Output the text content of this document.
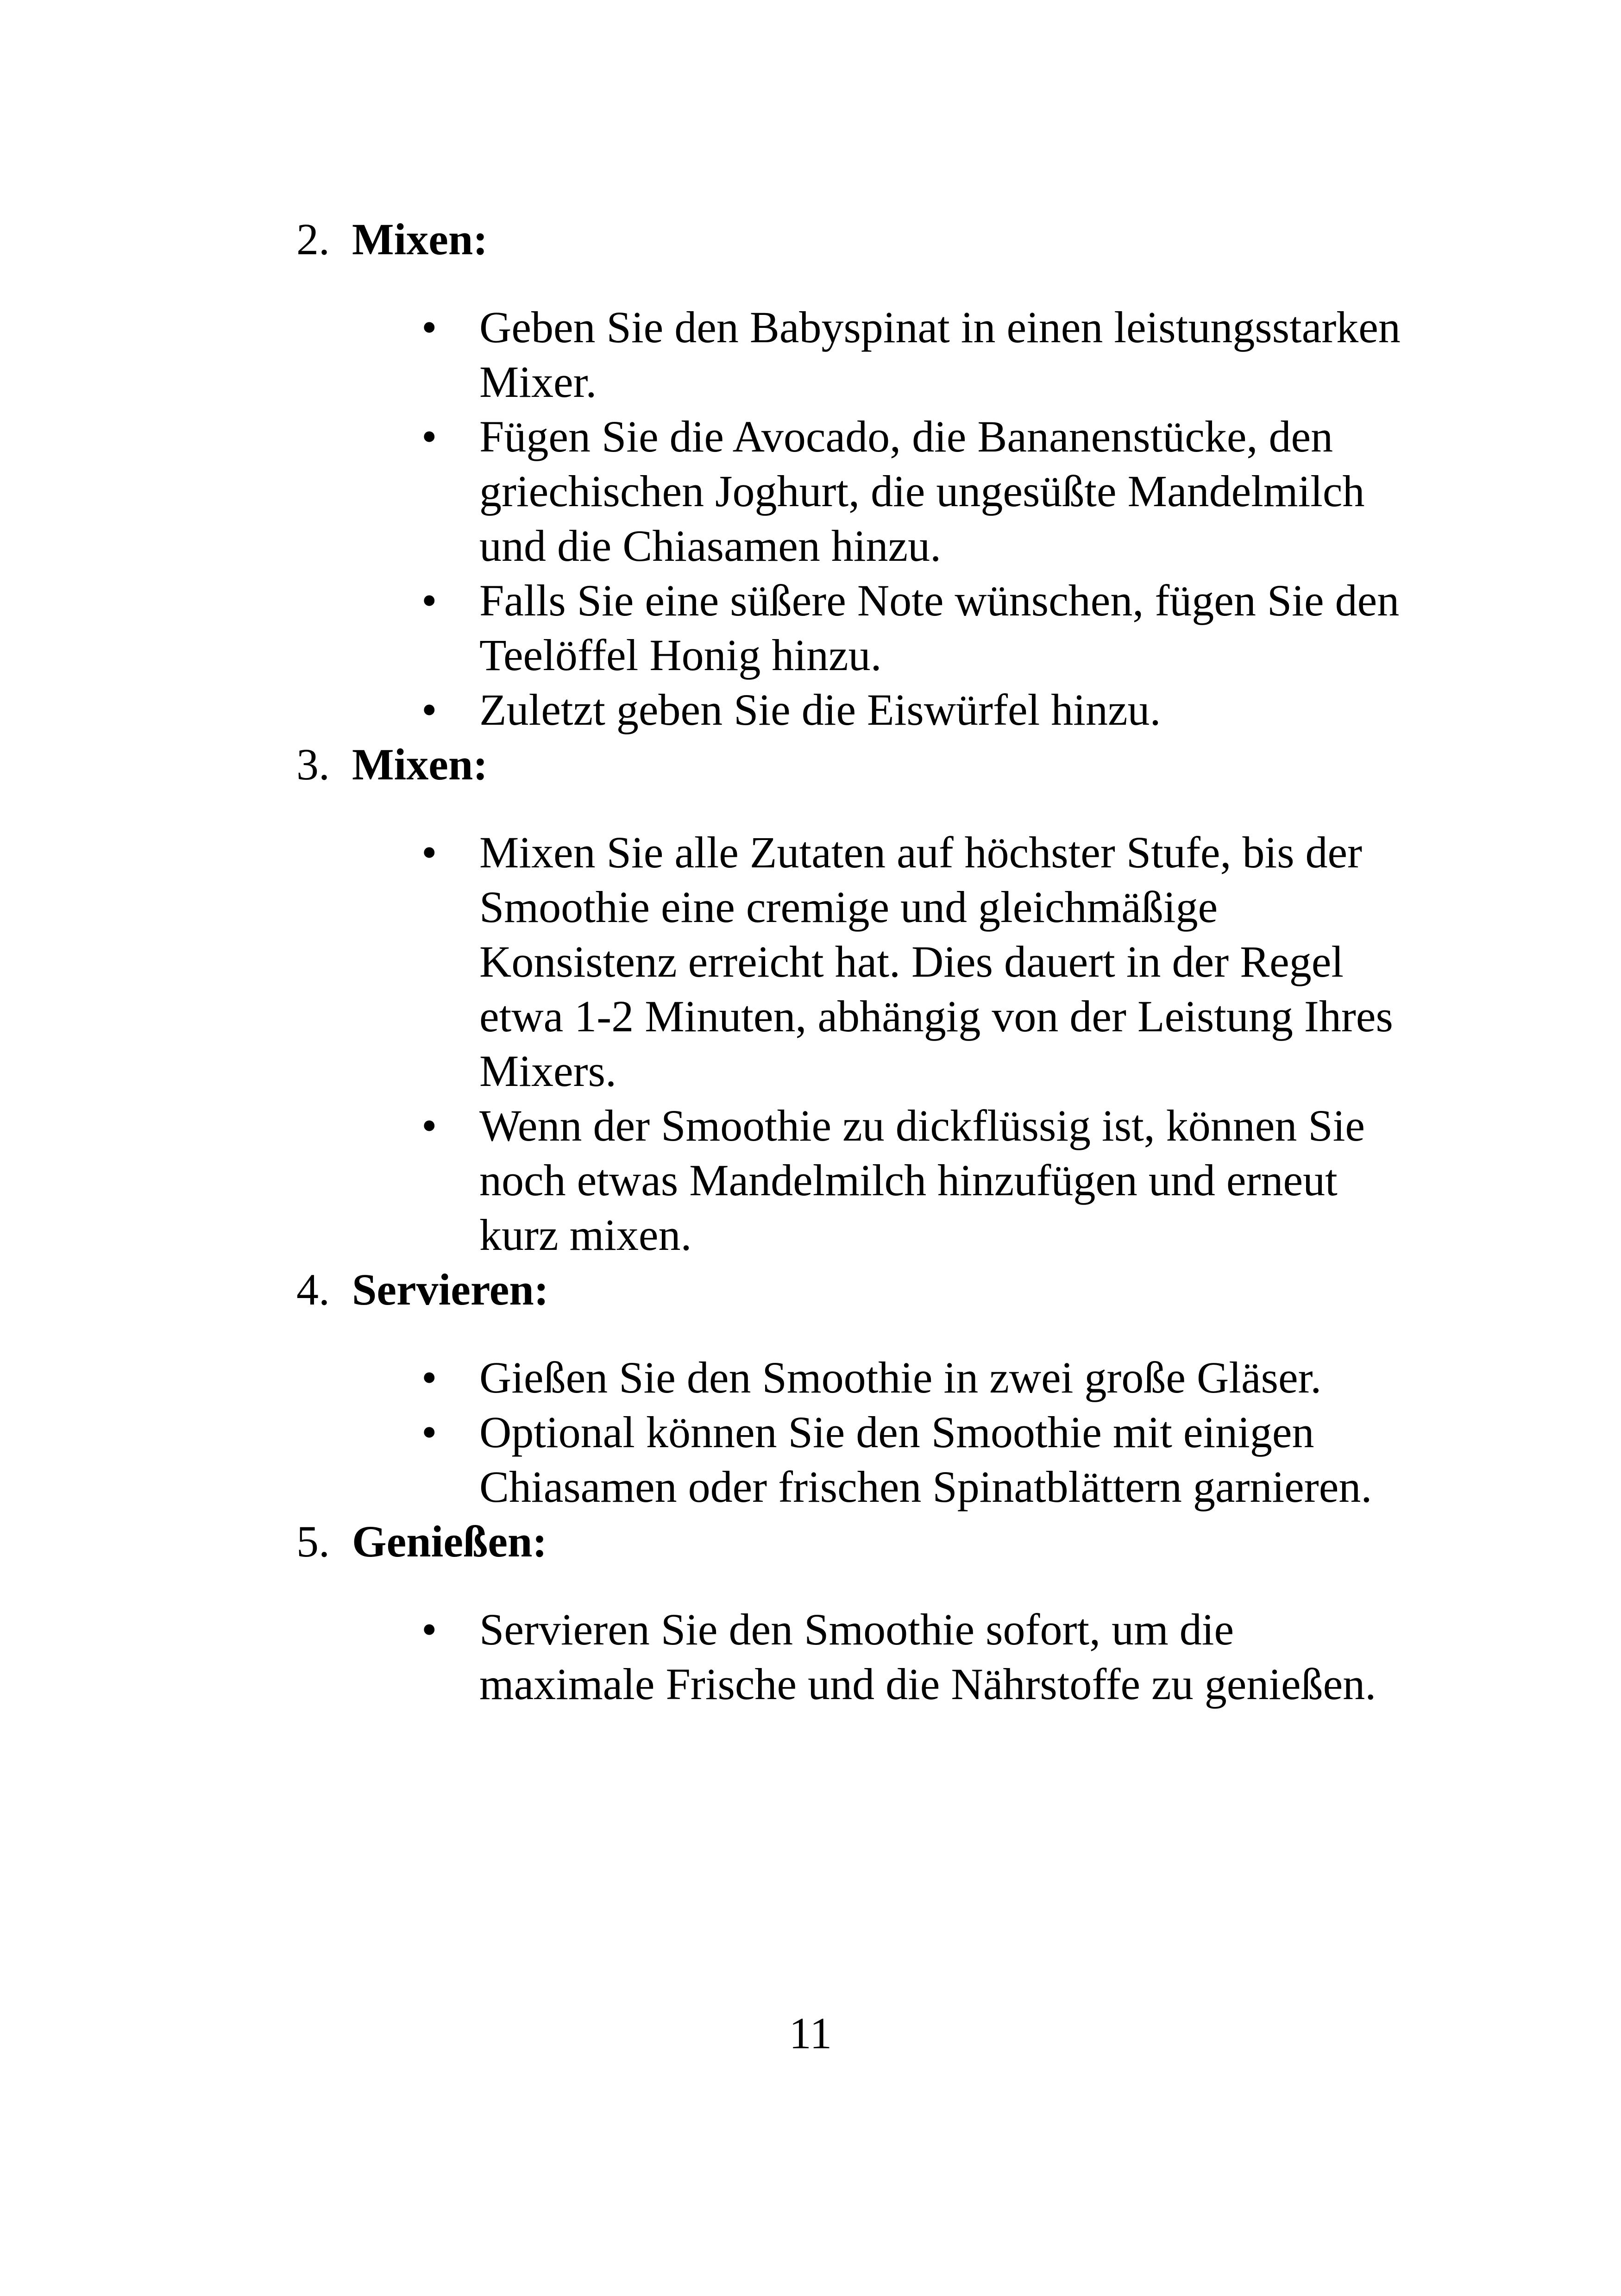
2. Mixen:

• Geben Sie den Babyspinat in einen leistungsstarken Mixer.
• Fügen Sie die Avocado, die Bananenstücke, den griechischen Joghurt, die ungesüßte Mandelmilch und die Chiasamen hinzu.
• Falls Sie eine süßere Note wünschen, fügen Sie den Teelöffel Honig hinzu.
• Zuletzt geben Sie die Eiswürfel hinzu.

3. Mixen:

• Mixen Sie alle Zutaten auf höchster Stufe, bis der Smoothie eine cremige und gleichmäßige Konsistenz erreicht hat. Dies dauert in der Regel etwa 1-2 Minuten, abhängig von der Leistung Ihres Mixers.
• Wenn der Smoothie zu dickflüssig ist, können Sie noch etwas Mandelmilch hinzufügen und erneut kurz mixen.

4. Servieren:

• Gießen Sie den Smoothie in zwei große Gläser.
• Optional können Sie den Smoothie mit einigen Chiasamen oder frischen Spinatblättern garnieren.

5. Genießen:

• Servieren Sie den Smoothie sofort, um die maximale Frische und die Nährstoffe zu genießen.
11
